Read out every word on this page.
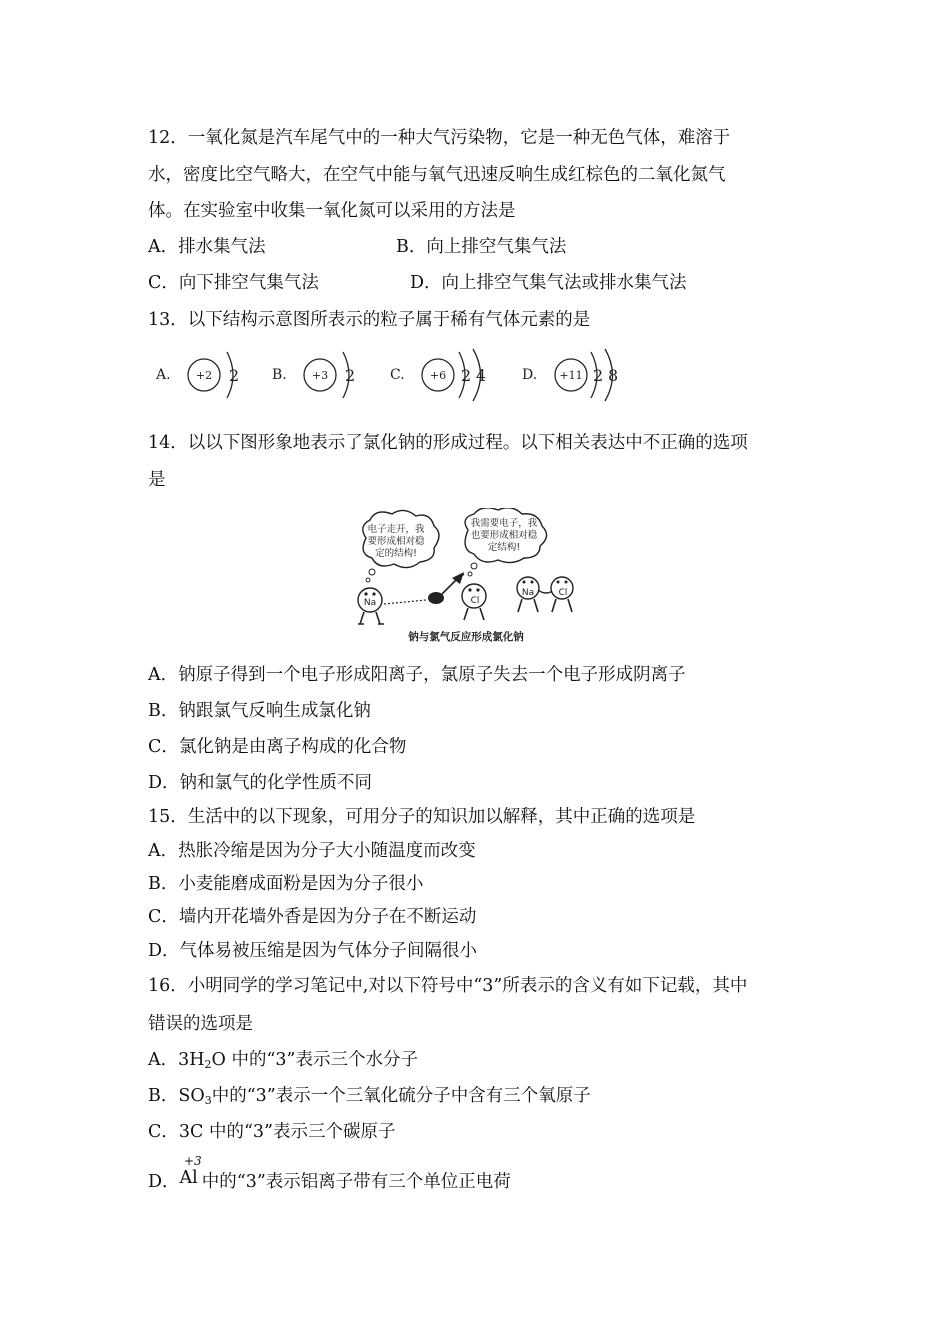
12．一氧化氮是汽车尾气中的一种大气污染物，它是一种无色气体，难溶于
水，密度比空气略大，在空气中能与氧气迅速反响生成红棕色的二氧化氮气
体。在实验室中收集一氧化氮可以采用的方法是
A．排水集气法	B．向上排空气集气法
C．向下排空气集气法	D．向上排空气集气法或排水集气法
13．以下结构示意图所表示的粒子属于稀有气体元素的是
A. +2 2 B. +3 2 C. +6 2 4	D. +11 2 8
14．以以下图形象地表示了氯化钠的形成过程。以下相关表达中不正确的选项
是
电子走开，我
要形成相对稳
定的结构!
我需要电子，我
也要形成相对稳
定结构!
Na	Cl
Na	Cl
钠与氯气反应形成氯化钠
A．钠原子得到一个电子形成阳离子，氯原子失去一个电子形成阴离子
B．钠跟氯气反响生成氯化钠
C．氯化钠是由离子构成的化合物
D．钠和氯气的化学性质不同
15．生活中的以下现象，可用分子的知识加以解释，其中正确的选项是
A．热胀冷缩是因为分子大小随温度而改变
B．小麦能磨成面粉是因为分子很小
C．墙内开花墙外香是因为分子在不断运动
D．气体易被压缩是因为气体分子间隔很小
16．小明同学的学习笔记中,对以下符号中“3”所表示的含义有如下记载，其中
错误的选项是
A．$3H_2O$ 中的“3”表示三个水分子
B．$SO_3$中的“3”表示一个三氧化硫分子中含有三个氧原子
C．3C 中的“3”表示三个碳原子
+3
D．Al 中的“3”表示铝离子带有三个单位正电荷
